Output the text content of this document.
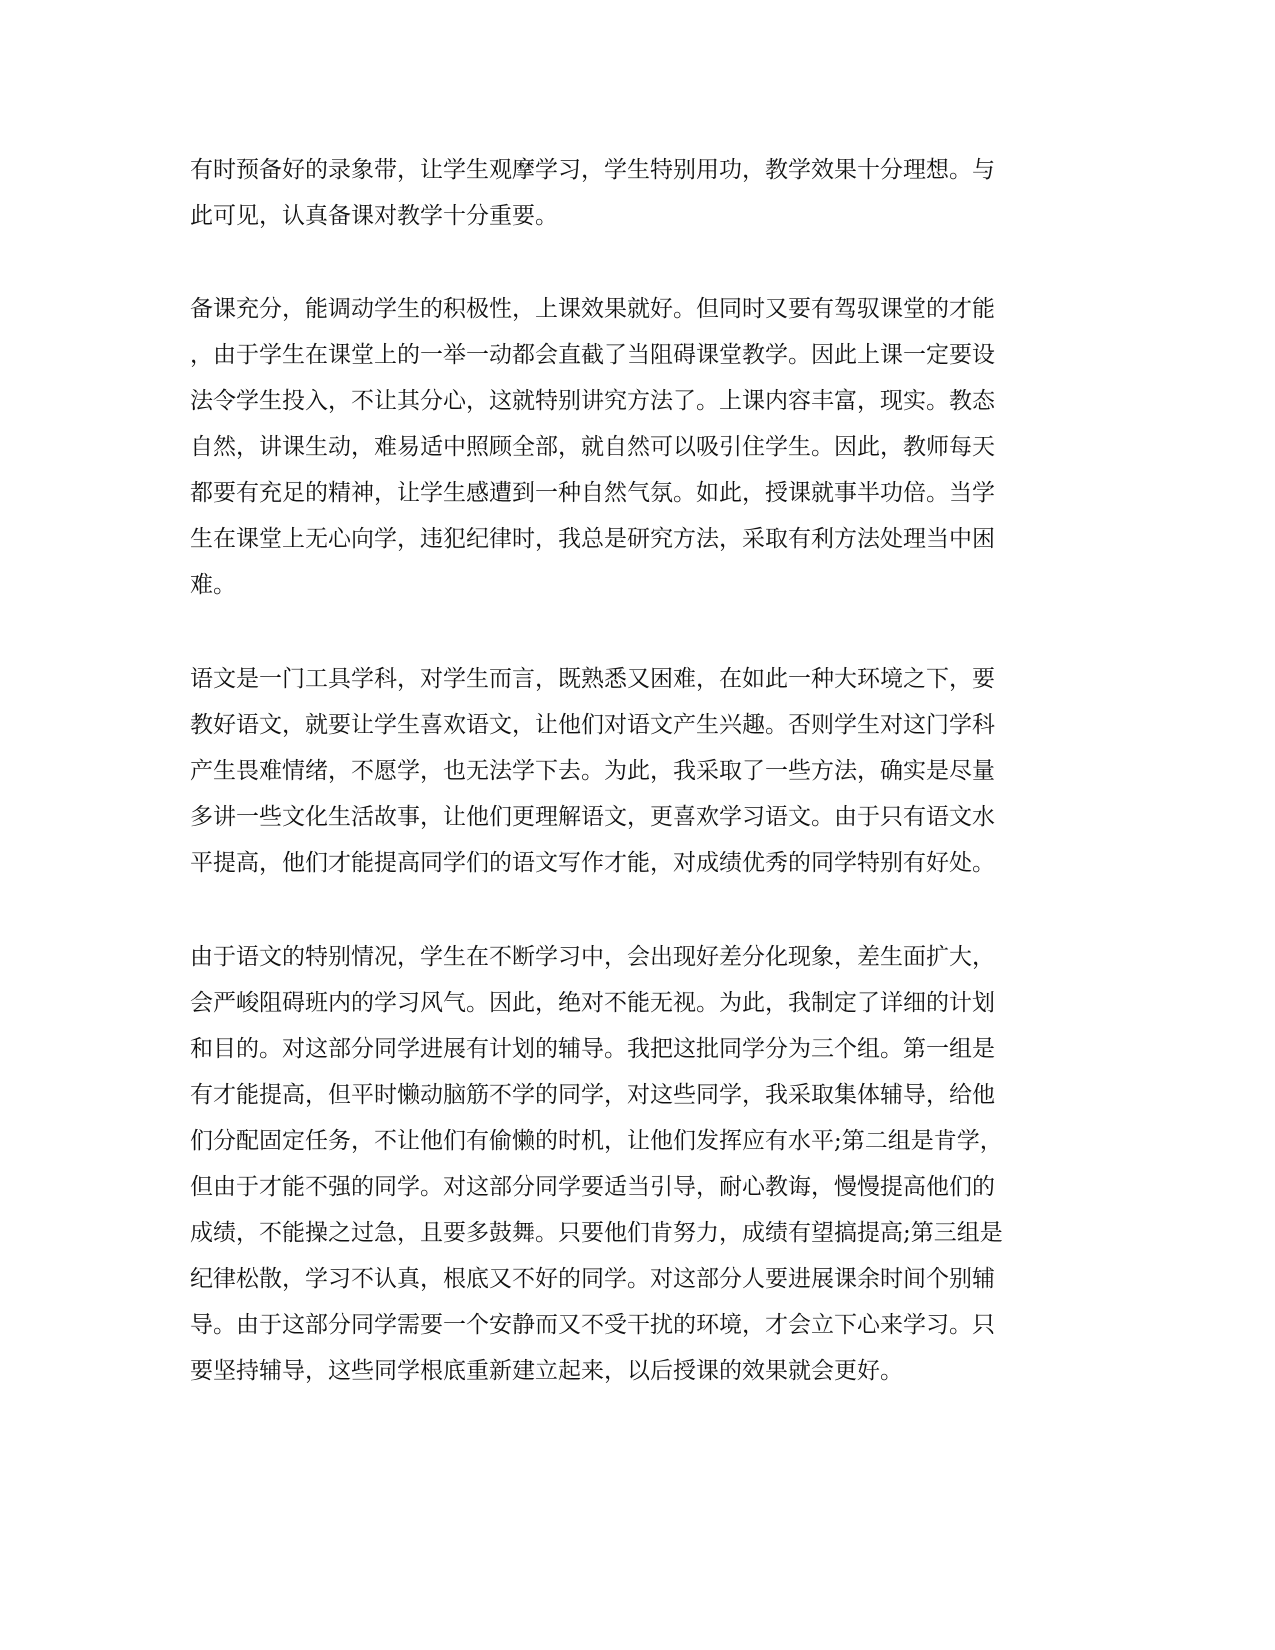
有时预备好的录象带，让学生观摩学习，学生特别用功，教学效果十分理想。与
此可见，认真备课对教学十分重要。
备课充分，能调动学生的积极性，上课效果就好。但同时又要有驾驭课堂的才能
，由于学生在课堂上的一举一动都会直截了当阻碍课堂教学。因此上课一定要设
法令学生投入，不让其分心，这就特别讲究方法了。上课内容丰富，现实。教态
自然，讲课生动，难易适中照顾全部，就自然可以吸引住学生。因此，教师每天
都要有充足的精神，让学生感遭到一种自然气氛。如此，授课就事半功倍。当学
生在课堂上无心向学，违犯纪律时，我总是研究方法，采取有利方法处理当中困
难。
语文是一门工具学科，对学生而言，既熟悉又困难，在如此一种大环境之下，要
教好语文，就要让学生喜欢语文，让他们对语文产生兴趣。否则学生对这门学科
产生畏难情绪，不愿学，也无法学下去。为此，我采取了一些方法，确实是尽量
多讲一些文化生活故事，让他们更理解语文，更喜欢学习语文。由于只有语文水
平提高，他们才能提高同学们的语文写作才能，对成绩优秀的同学特别有好处。
由于语文的特别情况，学生在不断学习中，会出现好差分化现象，差生面扩大，
会严峻阻碍班内的学习风气。因此，绝对不能无视。为此，我制定了详细的计划
和目的。对这部分同学进展有计划的辅导。我把这批同学分为三个组。第一组是
有才能提高，但平时懒动脑筋不学的同学，对这些同学，我采取集体辅导，给他
们分配固定任务，不让他们有偷懒的时机，让他们发挥应有水平;第二组是肯学，
但由于才能不强的同学。对这部分同学要适当引导，耐心教诲，慢慢提高他们的
成绩，不能操之过急，且要多鼓舞。只要他们肯努力，成绩有望搞提高;第三组是
纪律松散，学习不认真，根底又不好的同学。对这部分人要进展课余时间个别辅
导。由于这部分同学需要一个安静而又不受干扰的环境，才会立下心来学习。只
要坚持辅导，这些同学根底重新建立起来，以后授课的效果就会更好。
